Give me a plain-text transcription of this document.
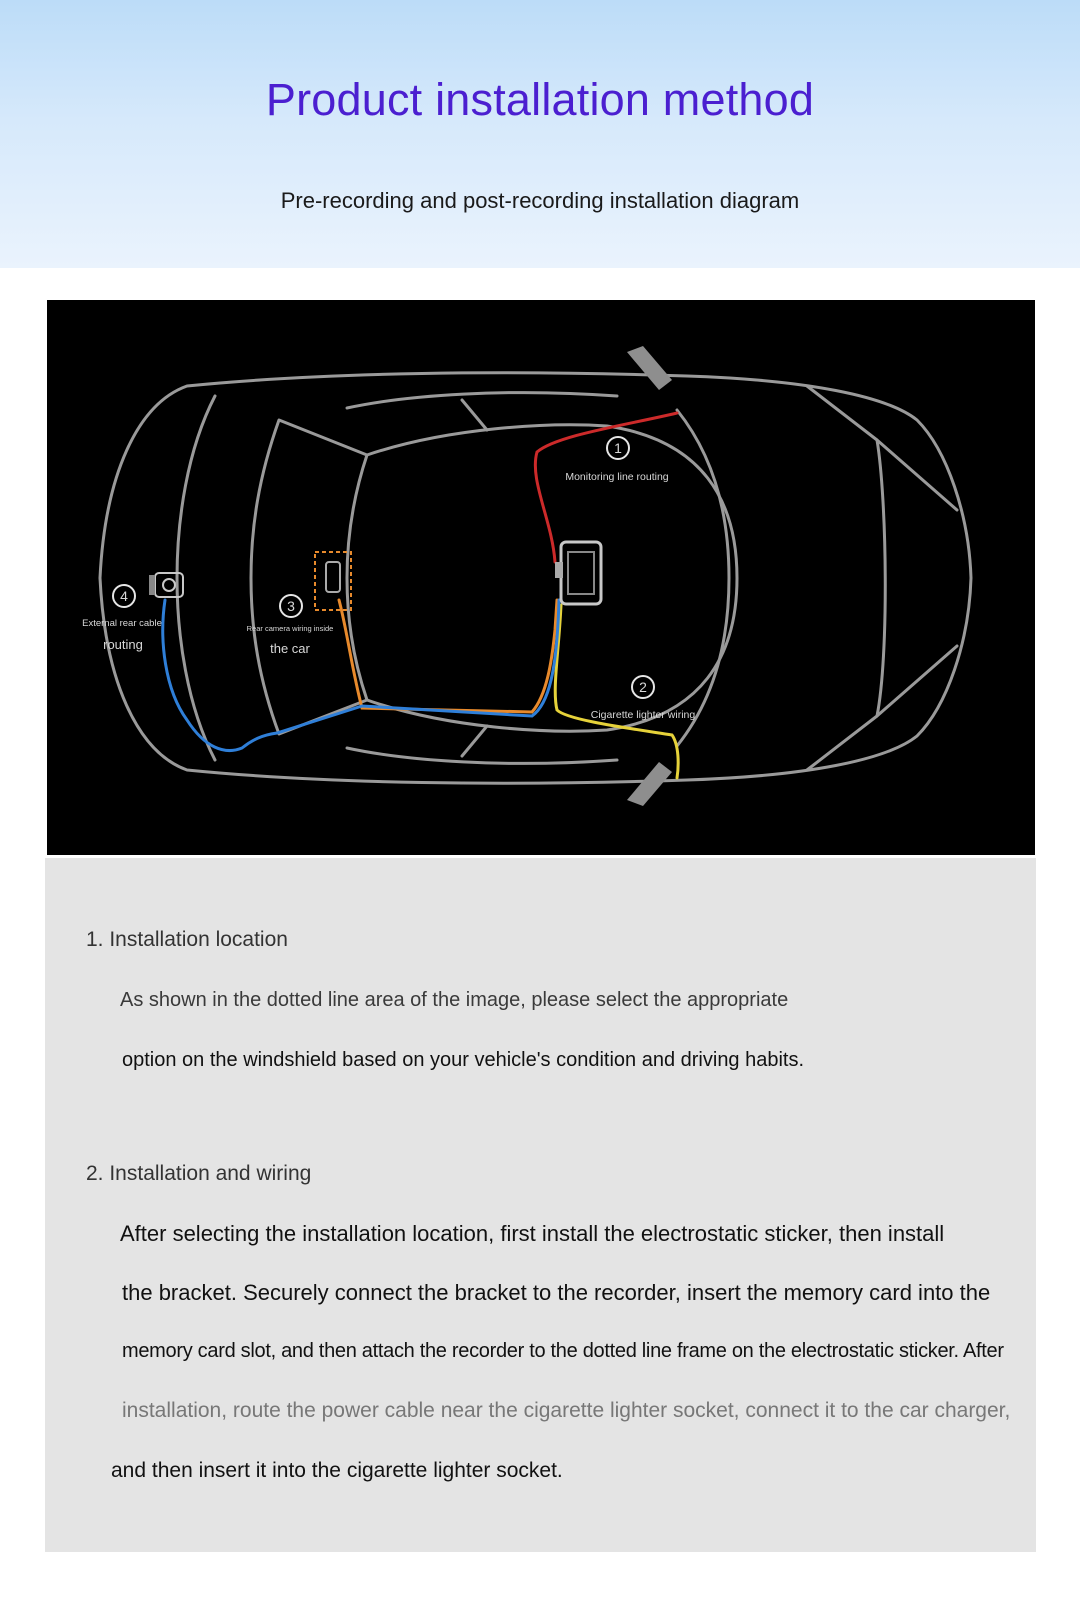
Product installation method
Pre-recording and post-recording installation diagram
1
Monitoring line routing
2
Cigarette lighter wiring
3
Rear camera wiring inside
the car
4
External rear cable
routing
1. Installation location
As shown in the dotted line area of the image, please select the appropriate
option on the windshield based on your vehicle's condition and driving habits.
2. Installation and wiring
After selecting the installation location, first install the electrostatic sticker, then install
the bracket. Securely connect the bracket to the recorder, insert the memory card into the
memory card slot, and then attach the recorder to the dotted line frame on the electrostatic sticker. After
installation, route the power cable near the cigarette lighter socket, connect it to the car charger,
and then insert it into the cigarette lighter socket.
